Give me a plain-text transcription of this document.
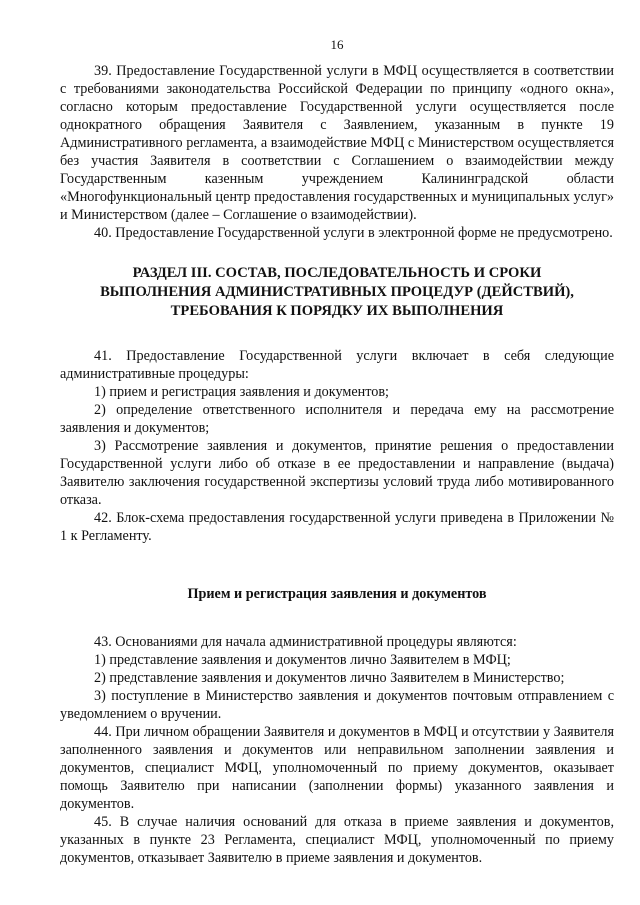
16

39. Предоставление Государственной услуги в МФЦ осуществляется в соответствии с требованиями законодательства Российской Федерации по принципу «одного окна», согласно которым предоставление Государственной услуги осуществляется после однократного обращения Заявителя с Заявлением, указанным в пункте 19 Административного регламента, а взаимодействие МФЦ с Министерством осуществляется без участия Заявителя в соответствии с Соглашением о взаимодействии между Государственным казенным учреждением Калининградской области «Многофункциональный центр предоставления государственных и муниципальных услуг» и Министерством (далее – Соглашение о взаимодействии).

40. Предоставление Государственной услуги в электронной форме не предусмотрено.

РАЗДЕЛ III. СОСТАВ, ПОСЛЕДОВАТЕЛЬНОСТЬ И СРОКИ
ВЫПОЛНЕНИЯ АДМИНИСТРАТИВНЫХ ПРОЦЕДУР (ДЕЙСТВИЙ),
ТРЕБОВАНИЯ К ПОРЯДКУ ИХ ВЫПОЛНЕНИЯ

41. Предоставление Государственной услуги включает в себя следующие административные процедуры:

1) прием и регистрация заявления и документов;

2) определение ответственного исполнителя и передача ему на рассмотрение заявления и документов;

3) Рассмотрение заявления и документов, принятие решения о предоставлении Государственной услуги либо об отказе в ее предоставлении и направление (выдача) Заявителю заключения государственной экспертизы условий труда либо мотивированного отказа.

42. Блок-схема предоставления государственной услуги приведена в Приложении № 1 к Регламенту.

Прием и регистрация заявления и документов

43. Основаниями для начала административной процедуры являются:

1) представление заявления и документов лично Заявителем в МФЦ;

2) представление заявления и документов лично Заявителем в Министерство;

3) поступление в Министерство заявления и документов почтовым отправлением с уведомлением о вручении.

44. При личном обращении Заявителя и документов в МФЦ и отсутствии у Заявителя заполненного заявления и документов или неправильном заполнении заявления и документов, специалист МФЦ, уполномоченный по приему документов, оказывает помощь Заявителю при написании (заполнении формы) указанного заявления и документов.

45. В случае наличия оснований для отказа в приеме заявления и документов, указанных в пункте 23 Регламента, специалист МФЦ, уполномоченный по приему документов, отказывает Заявителю в приеме заявления и документов.
